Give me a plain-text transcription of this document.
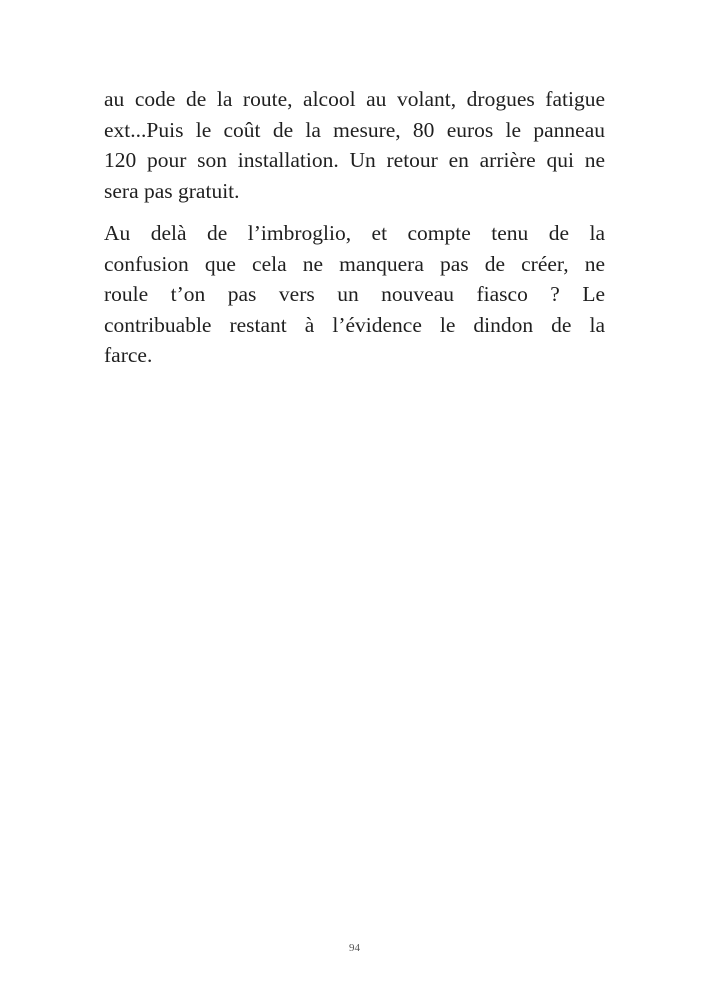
au code de la route, alcool au volant, drogues fatigue
ext...Puis le coût de la mesure, 80 euros le panneau
120 pour son installation. Un retour en arrière qui ne
sera pas gratuit.

Au delà de l’imbroglio, et compte tenu de la
confusion que cela ne manquera pas de créer, ne
roule t’on pas vers un nouveau fiasco ? Le
contribuable restant à l’évidence le dindon de la
farce.

94
